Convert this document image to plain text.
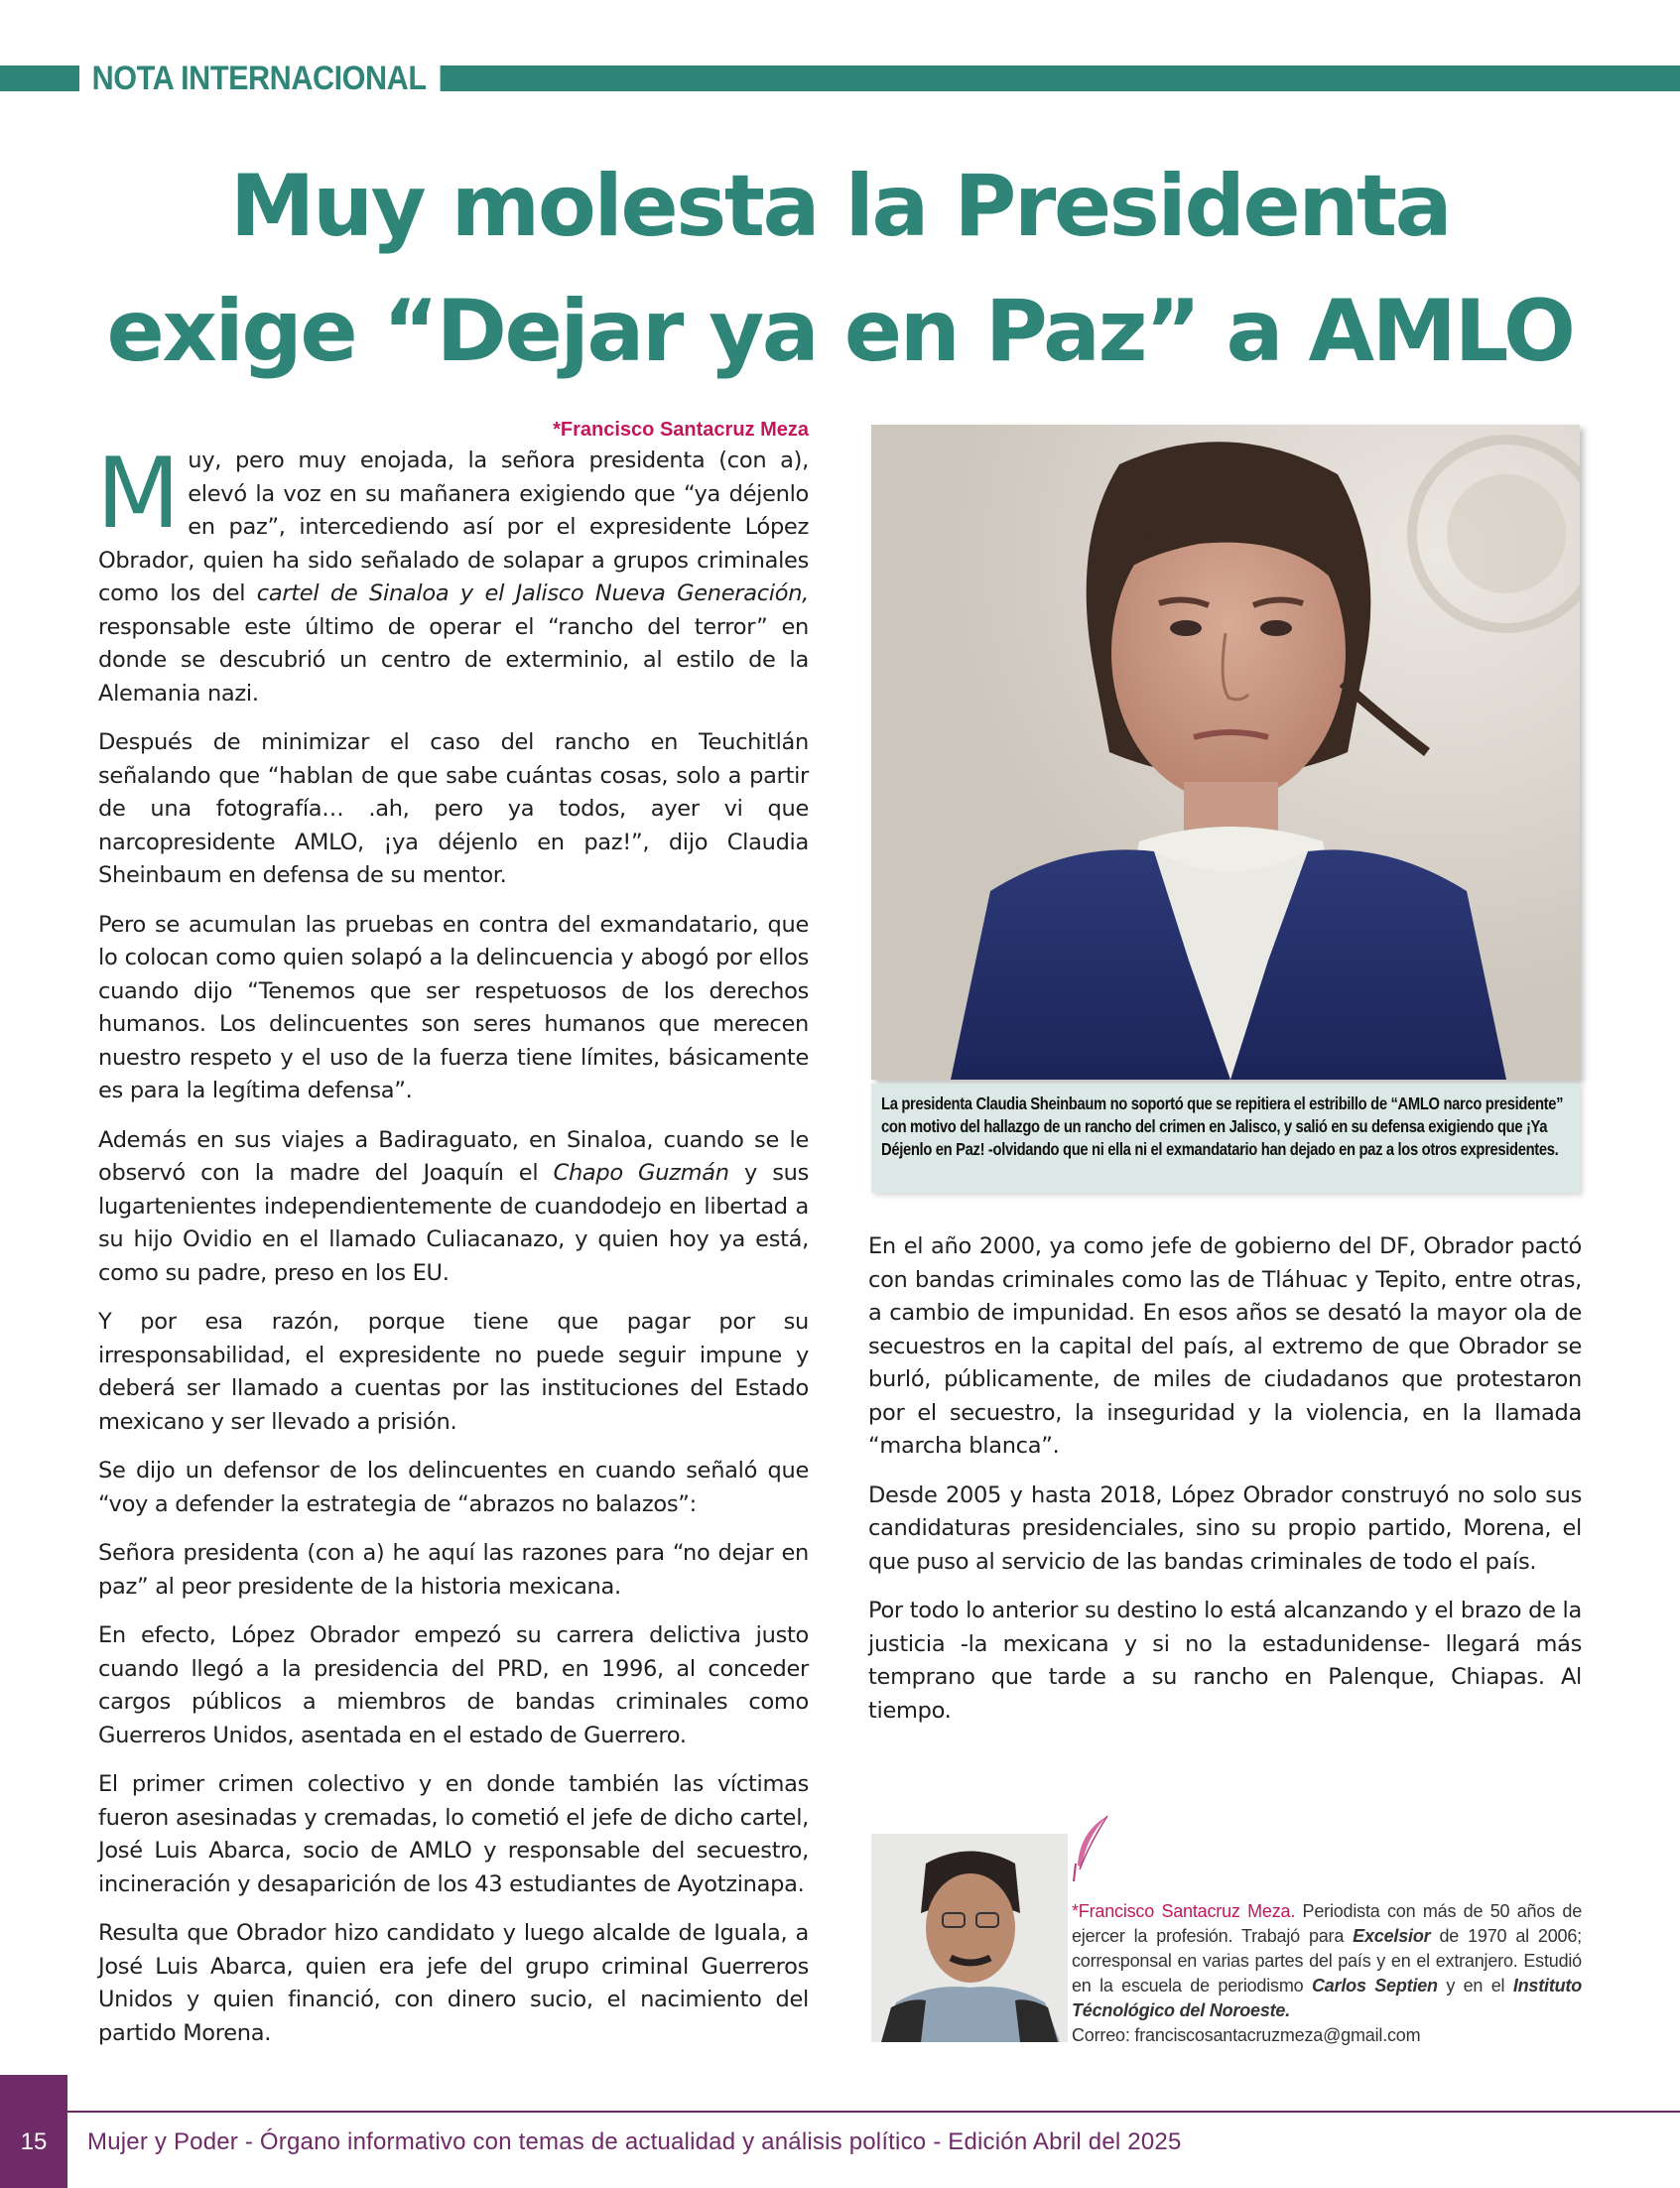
NOTA INTERNACIONAL
Muy molesta la Presidenta
exige “Dejar ya en Paz” a AMLO

*Francisco Santacruz Meza

Muy, pero muy enojada, la señora presidenta (con a), elevó la voz en su mañanera exigiendo que “ya déjenlo en paz”, intercediendo así por el expresidente López Obrador, quien ha sido señalado de solapar a grupos criminales como los del cartel de Sinaloa y el Jalisco Nueva Generación, responsable este último de operar el “rancho del terror” en donde se descubrió un centro de exterminio, al estilo de la Alemania nazi.

Después de minimizar el caso del rancho en Teuchitlán señalando que “hablan de que sabe cuántas cosas, solo a partir de una fotografía… .ah, pero ya todos, ayer vi que narcopresidente AMLO, ¡ya déjenlo en paz!”, dijo Claudia Sheinbaum en defensa de su mentor.

Pero se acumulan las pruebas en contra del exmandatario, que lo colocan como quien solapó a la delincuencia y abogó por ellos cuando dijo “Tenemos que ser respetuosos de los derechos humanos. Los delincuentes son seres humanos que merecen nuestro respeto y el uso de la fuerza tiene límites, básicamente es para la legítima defensa”.

Además en sus viajes a Badiraguato, en Sinaloa, cuando se le observó con la madre del Joaquín el Chapo Guzmán y sus lugartenientes independientemente de cuandodejo en libertad a su hijo Ovidio en el llamado Culiacanazo, y quien hoy ya está, como su padre, preso en los EU.

Y por esa razón, porque tiene que pagar por su irresponsabilidad, el expresidente no puede seguir impune y deberá ser llamado a cuentas por las instituciones del Estado mexicano y ser llevado a prisión.

Se dijo un defensor de los delincuentes en cuando señaló que “voy a defender la estrategia de “abrazos no balazos”:

Señora presidenta (con a) he aquí las razones para “no dejar en paz” al peor presidente de la historia mexicana.

En efecto, López Obrador empezó su carrera delictiva justo cuando llegó a la presidencia del PRD, en 1996, al conceder cargos públicos a miembros de bandas criminales como Guerreros Unidos, asentada en el estado de Guerrero.

El primer crimen colectivo y en donde también las víctimas fueron asesinadas y cremadas, lo cometió el jefe de dicho cartel, José Luis Abarca, socio de AMLO y responsable del secuestro, incineración y desaparición de los 43 estudiantes de Ayotzinapa.

Resulta que Obrador hizo candidato y luego alcalde de Iguala, a José Luis Abarca, quien era jefe del grupo criminal Guerreros Unidos y quien financió, con dinero sucio, el nacimiento del partido Morena.

La presidenta Claudia Sheinbaum no soportó que se repitiera el estribillo de “AMLO narco presidente” con motivo del hallazgo de un rancho del crimen en Jalisco, y salió en su defensa exigiendo que ¡Ya Déjenlo en Paz! -olvidando que ni ella ni el exmandatario han dejado en paz a los otros expresidentes.

En el año 2000, ya como jefe de gobierno del DF, Obrador pactó con bandas criminales como las de Tláhuac y Tepito, entre otras, a cambio de impunidad. En esos años se desató la mayor ola de secuestros en la capital del país, al extremo de que Obrador se burló, públicamente, de miles de ciudadanos que protestaron por el secuestro, la inseguridad y la violencia, en la llamada “marcha blanca”.

Desde 2005 y hasta 2018, López Obrador construyó no solo sus candidaturas presidenciales, sino su propio partido, Morena, el que puso al servicio de las bandas criminales de todo el país.

Por todo lo anterior su destino lo está alcanzando y el brazo de la justicia -la mexicana y si no la estadunidense- llegará más temprano que tarde a su rancho en Palenque, Chiapas. Al tiempo.

*Francisco Santacruz Meza. Periodista con más de 50 años de ejercer la profesión. Trabajó para Excelsior de 1970 al 2006; corresponsal en varias partes del país y en el extranjero. Estudió en la escuela de periodismo Carlos Septien y en el Instituto Técnológico del Noroeste.
Correo: franciscosantacruzmeza@gmail.com

15	Mujer y Poder - Órgano informativo con temas de actualidad y análisis político - Edición Abril del 2025
